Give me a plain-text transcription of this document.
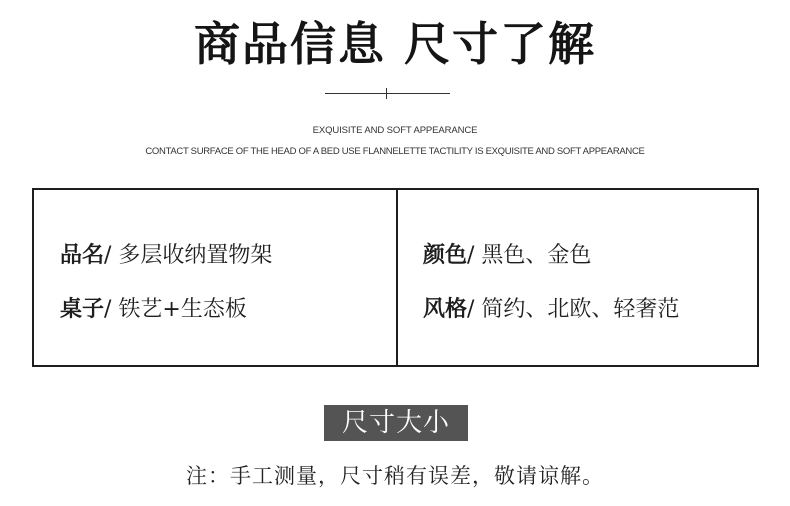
商品信息 尺寸了解
EXQUISITE AND SOFT APPEARANCE
CONTACT SURFACE OF THE HEAD OF A BED USE FLANNELETTE TACTILITY IS EXQUISITE AND SOFT APPEARANCE
品名/ 多层收纳置物架
桌子/ 铁艺+生态板
颜色/ 黑色、金色
风格/ 简约、北欧、轻奢范
尺寸大小
注：手工测量，尺寸稍有误差，敬请谅解。
